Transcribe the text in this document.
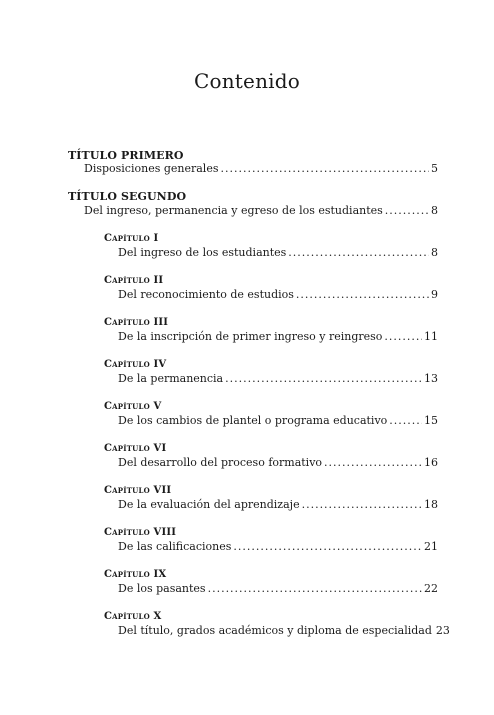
Contenido
TÍTULO PRIMERO
Disposiciones generales .....	5
TÍTULO SEGUNDO
Del ingreso, permanencia y egreso de los estudiantes .....	8
Capítulo I
Del ingreso de los estudiantes .....	8
Capítulo II
Del reconocimiento de estudios .....	9
Capítulo III
De la inscripción de primer ingreso y reingreso .....	11
Capítulo IV
De la permanencia .....	13
Capítulo V
De los cambios de plantel o programa educativo .....	15
Capítulo VI
Del desarrollo del proceso formativo .....	16
Capítulo VII
De la evaluación del aprendizaje .....	18
Capítulo VIII
De las calificaciones .....	21
Capítulo IX
De los pasantes .....	22
Capítulo X
Del título, grados académicos y diploma de especialidad 23
